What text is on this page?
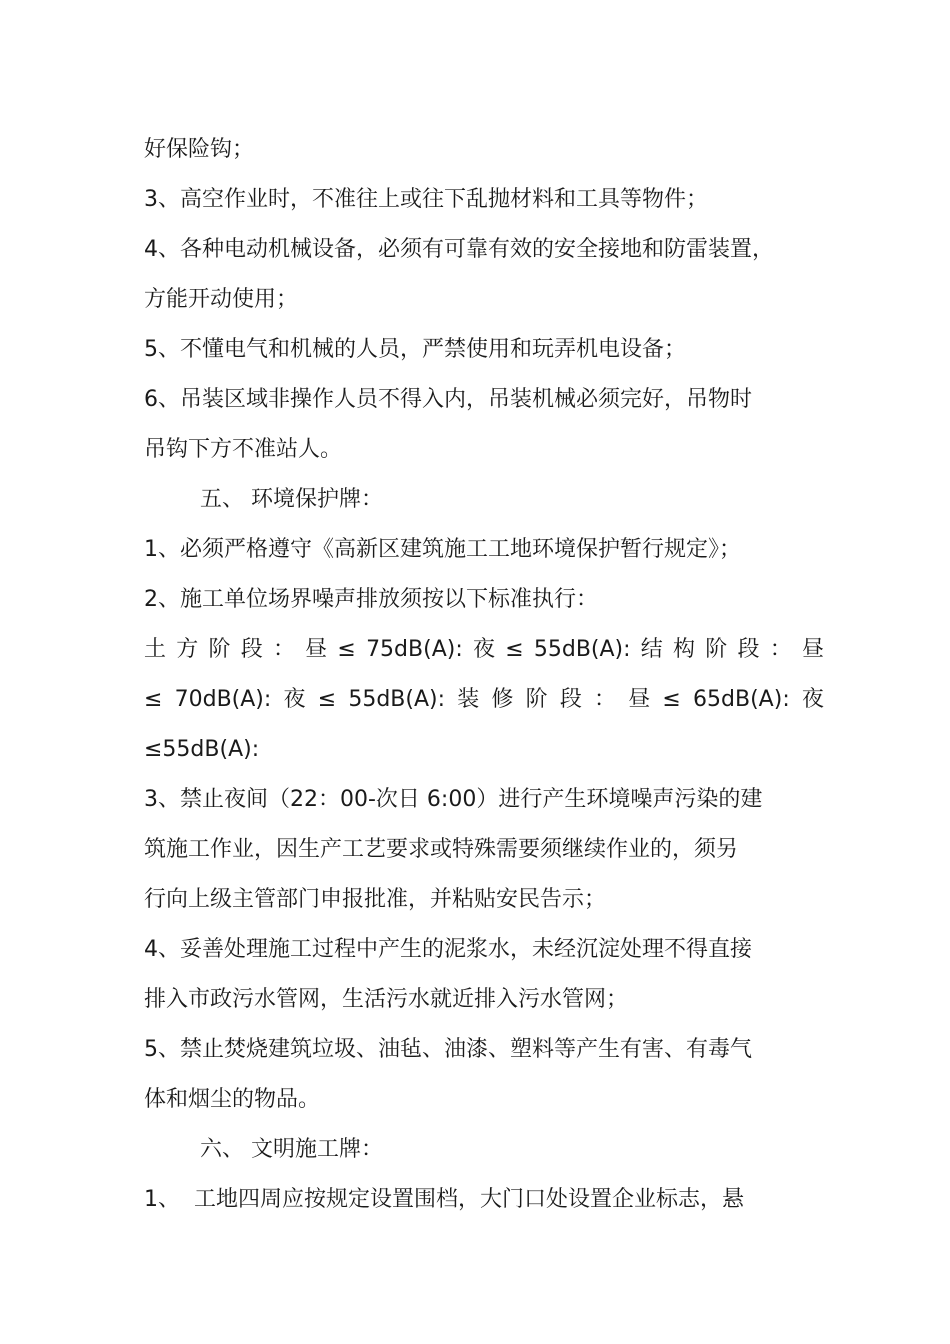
好保险钩；
3、高空作业时，不准往上或往下乱抛材料和工具等物件；
4、各种电动机械设备，必须有可靠有效的安全接地和防雷装置，
方能开动使用；
5、不懂电气和机械的人员，严禁使用和玩弄机电设备；
6、吊装区域非操作人员不得入内，吊装机械必须完好，吊物时
吊钩下方不准站人。
五、 环境保护牌：
1、必须严格遵守《高新区建筑施工工地环境保护暂行规定》；
2、施工单位场界噪声排放须按以下标准执行：
土 方 阶 段 ： 昼 ≤ 75dB(A): 夜 ≤ 55dB(A): 结 构 阶 段 ： 昼
≤ 70dB(A): 夜 ≤ 55dB(A): 装 修 阶 段 ： 昼 ≤ 65dB(A): 夜
≤55dB(A):
3、禁止夜间（22：00-次日 6:00）进行产生环境噪声污染的建
筑施工作业，因生产工艺要求或特殊需要须继续作业的，须另
行向上级主管部门申报批准，并粘贴安民告示；
4、妥善处理施工过程中产生的泥浆水，未经沉淀处理不得直接
排入市政污水管网，生活污水就近排入污水管网；
5、禁止焚烧建筑垃圾、油毡、油漆、塑料等产生有害、有毒气
体和烟尘的物品。
六、 文明施工牌：
1、  工地四周应按规定设置围档，大门口处设置企业标志，悬
